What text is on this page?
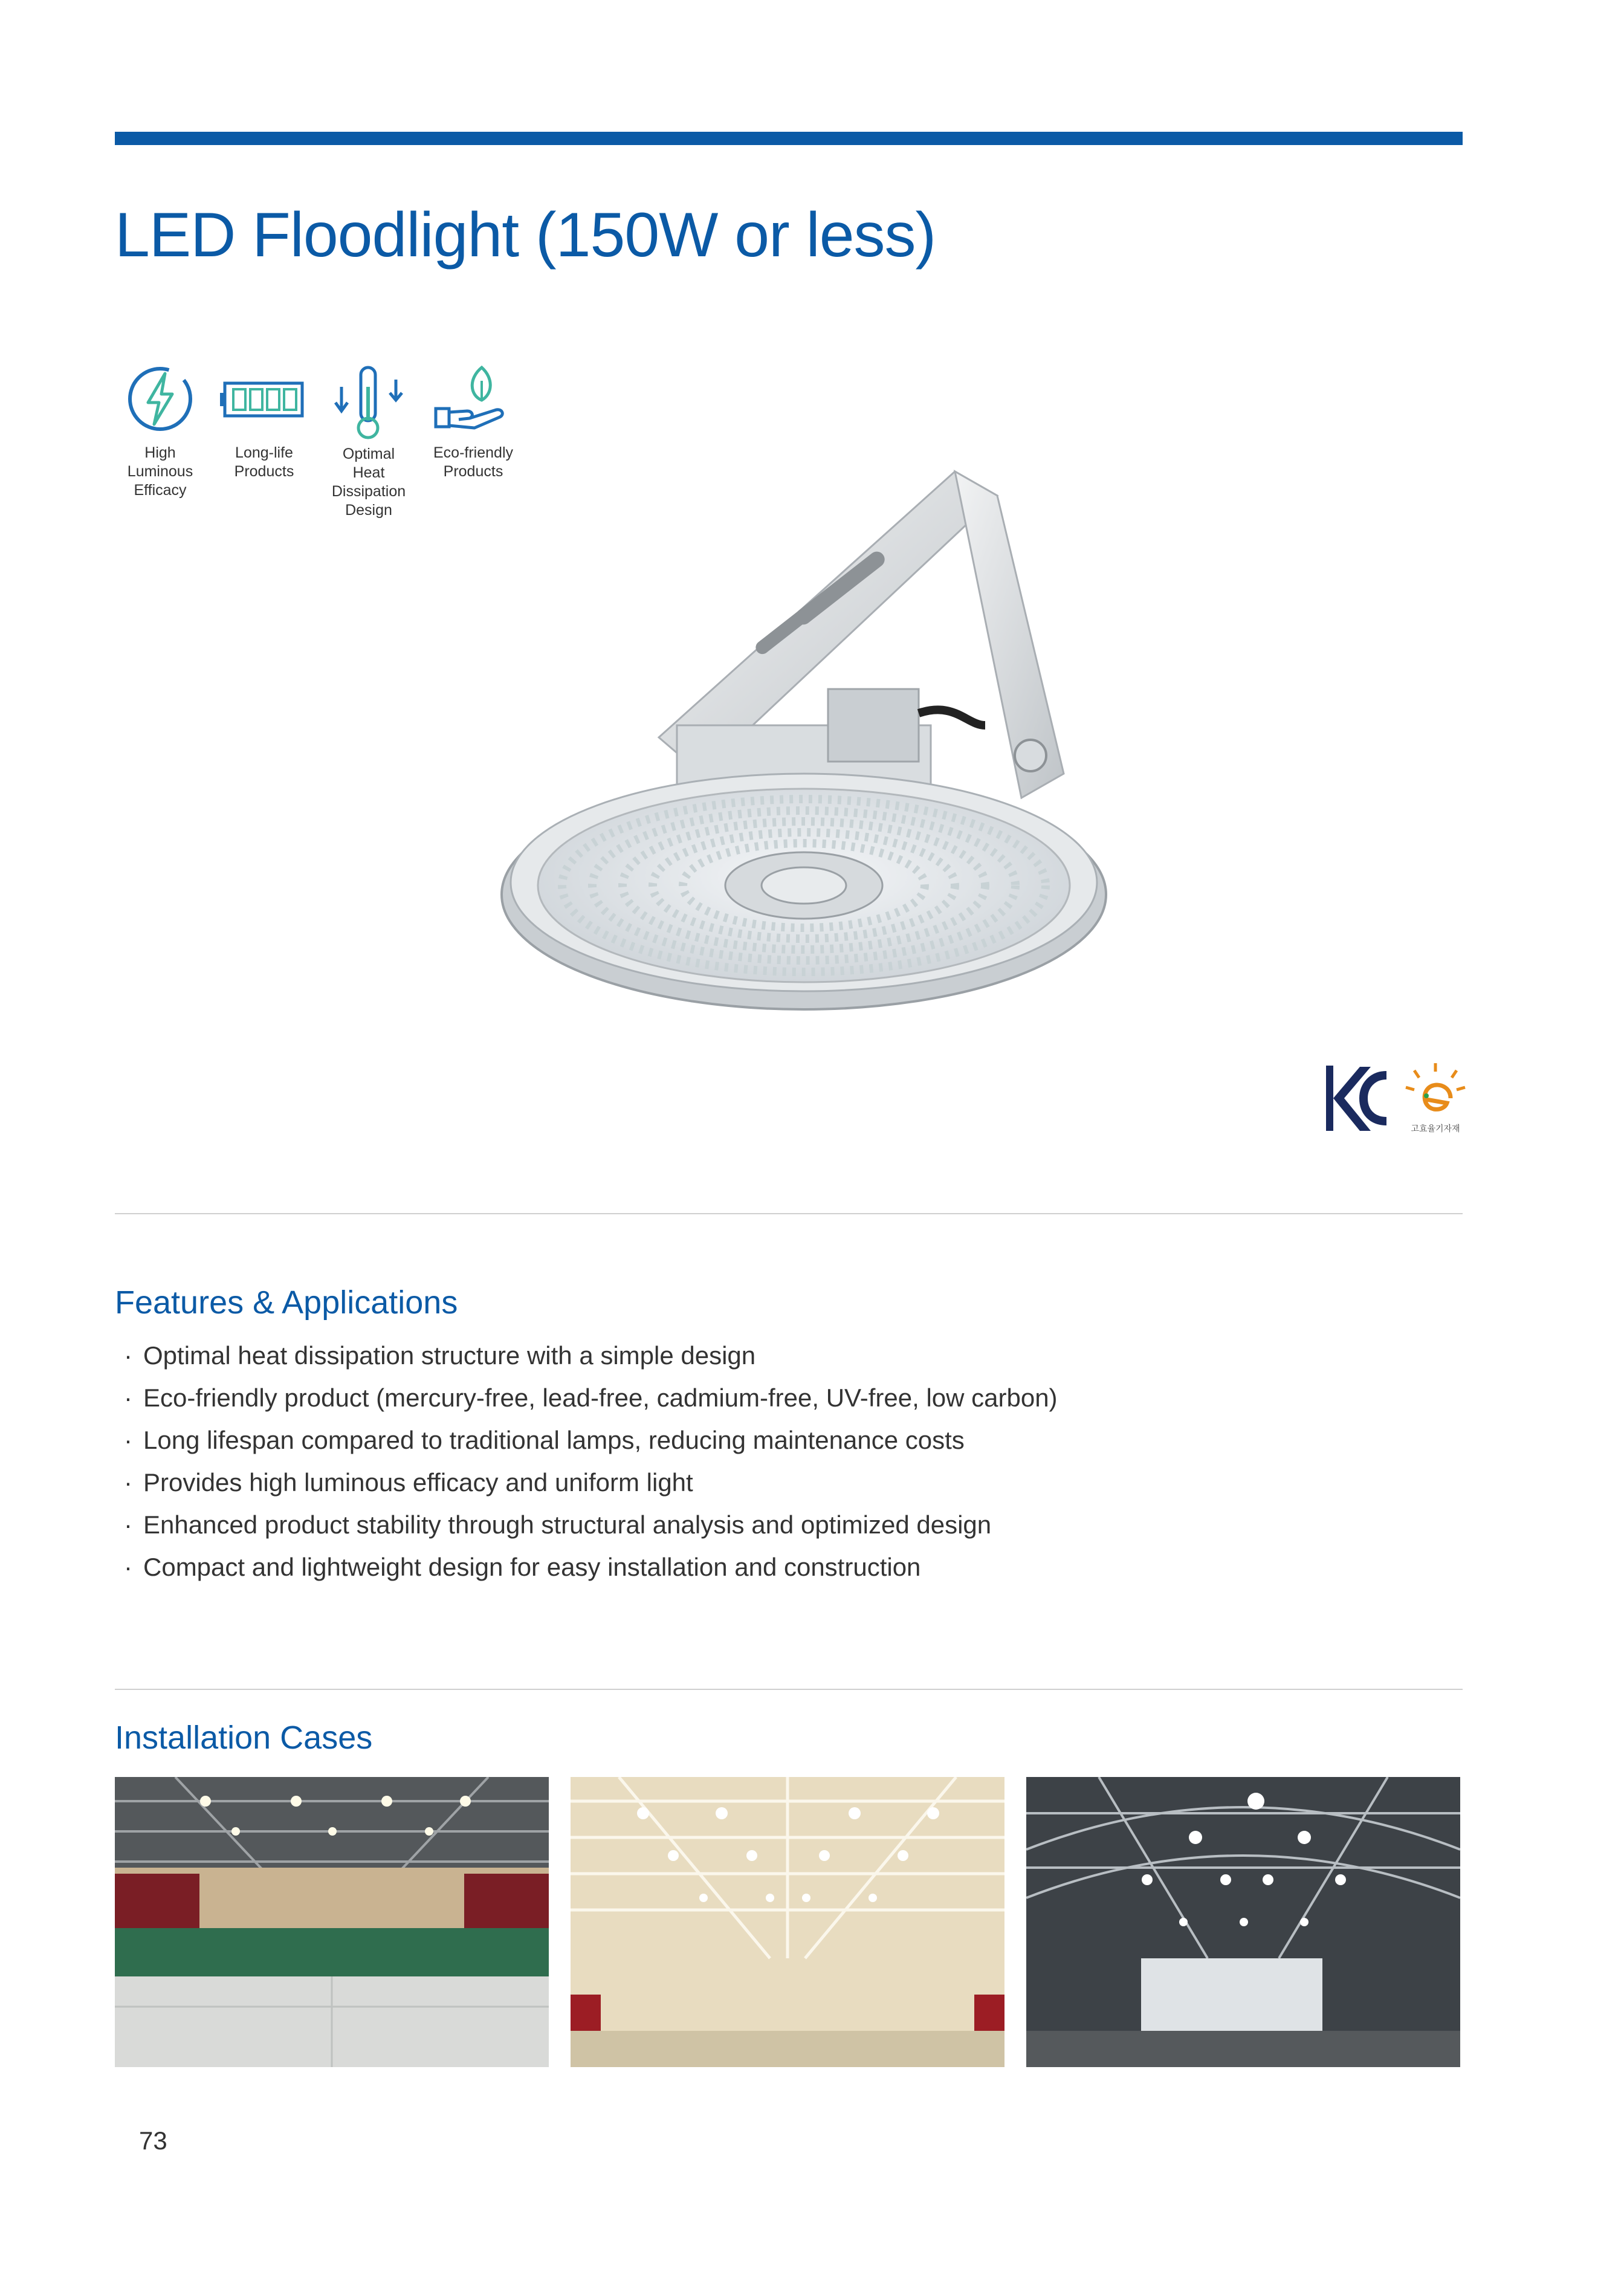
LED Floodlight (150W or less)
High
Luminous
Efficacy
Long-life
Products
Optimal
Heat
Dissipation
Design
Eco-friendly
Products
고효율기자재
Features & Applications
· Optimal heat dissipation structure with a simple design
· Eco-friendly product (mercury-free, lead-free, cadmium-free, UV-free, low carbon)
· Long lifespan compared to traditional lamps, reducing maintenance costs
· Provides high luminous efficacy and uniform light
· Enhanced product stability through structural analysis and optimized design
· Compact and lightweight design for easy installation and construction
Installation Cases
73
